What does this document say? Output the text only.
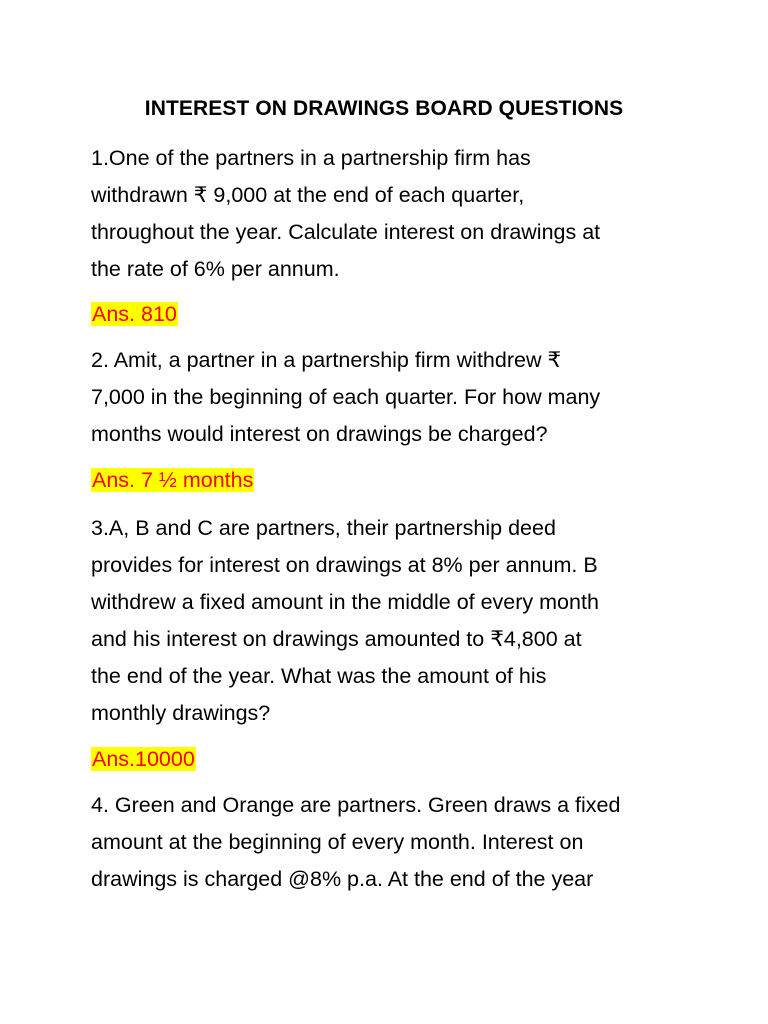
INTEREST ON DRAWINGS BOARD QUESTIONS
1.One of the partners in a partnership firm has
withdrawn ₹ 9,000 at the end of each quarter,
throughout the year. Calculate interest on drawings at
the rate of 6% per annum.
Ans. 810
2. Amit, a partner in a partnership firm withdrew ₹
7,000 in the beginning of each quarter. For how many
months would interest on drawings be charged?
Ans. 7 ½ months
3.A, B and C are partners, their partnership deed
provides for interest on drawings at 8% per annum. B
withdrew a fixed amount in the middle of every month
and his interest on drawings amounted to ₹4,800 at
the end of the year. What was the amount of his
monthly drawings?
Ans.10000
4. Green and Orange are partners. Green draws a fixed
amount at the beginning of every month. Interest on
drawings is charged @8% p.a. At the end of the year
